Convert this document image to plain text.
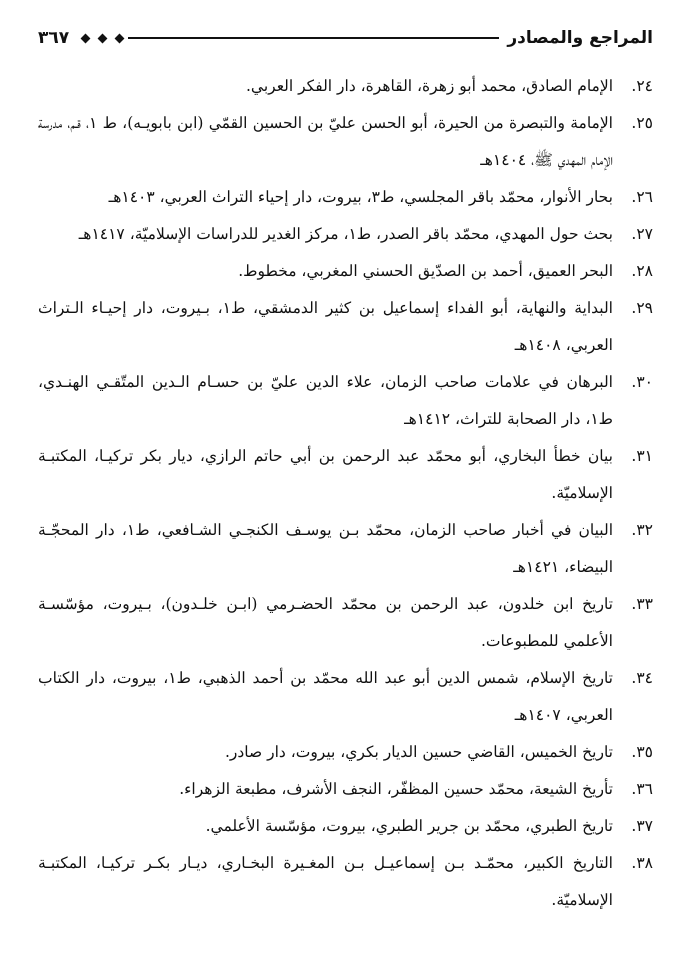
المراجع والمصادر
٣٦٧

٢٤.
الإمام الصادق، محمد أبو زهرة، القاهرة، دار الفكر العربي.

٢٥.
الإمامة والتبصرة من الحيرة، أبو الحسن عليّ بن الحسين القمّي (ابن بابويـه)، ط ١، قـم، مدرسة الإمام المهدي ﷺ، ١٤٠٤هـ

٢٦.
بحار الأنوار، محمّد باقر المجلسي، ط٣، بيروت، دار إحياء التراث العربي، ١٤٠٣هـ

٢٧.
بحث حول المهدي، محمّد باقر الصدر، ط١، مركز الغدير للدراسات الإسلاميّة، ١٤١٧هـ

٢٨.
البحر العميق، أحمد بن الصدّيق الحسني المغربي، مخطوط.

٢٩.
البداية والنهاية، أبو الفداء إسماعيل بن كثير الدمشقي، ط١، بـيروت، دار إحيـاء الـتراث العربي، ١٤٠٨هـ

٣٠.
البرهان في علامات صاحب الزمان، علاء الدين عليّ بن حسـام الـدين المتّقـي الهنـدي، ط١، دار الصحابة للتراث، ١٤١٢هـ

٣١.
بيان خطأ البخاري، أبو محمّد عبد الرحمن بن أبي حاتم الرازي، ديار بكر تركيـا، المكتبـة الإسلاميّة.

٣٢.
البيان في أخبار صاحب الزمان، محمّد بـن يوسـف الكنجـي الشـافعي، ط١، دار المحجّـة البيضاء، ١٤٢١هـ

٣٣.
تاريخ ابن خلدون، عبد الرحمن بن محمّد الحضـرمي (ابـن خلـدون)، بـيروت، مؤسّسـة الأعلمي للمطبوعات.

٣٤.
تاريخ الإسلام، شمس الدين أبو عبد الله محمّد بن أحمد الذهبي، ط١، بيروت، دار الكتاب العربي، ١٤٠٧هـ

٣٥.
تاريخ الخميس، القاضي حسين الديار بكري، بيروت، دار صادر.

٣٦.
تأريخ الشيعة، محمّد حسين المظفّر، النجف الأشرف، مطبعة الزهراء.

٣٧.
تاريخ الطبري، محمّد بن جرير الطبري، بيروت، مؤسّسة الأعلمي.

٣٨.
التاريخ الكبير، محمّـد بـن إسماعيـل بـن المغـيرة البخـاري، ديـار بكـر تركيـا، المكتبـة الإسلاميّة.
